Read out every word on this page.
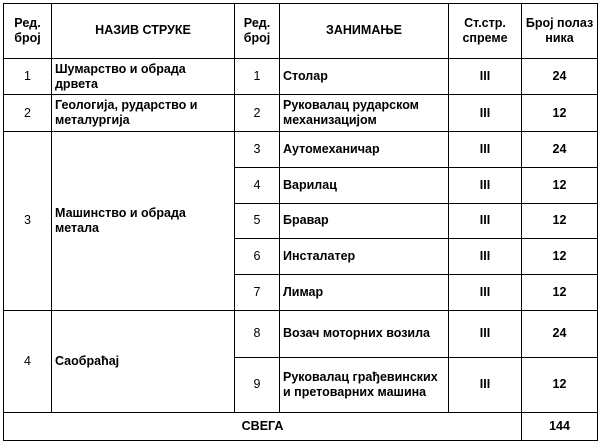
Ред. број	НАЗИВ СТРУКЕ	Ред. број	ЗАНИМАЊЕ	Ст.стр. спреме	Број полазника
1	Шумарство и обрада дрвета	1	Столар	III	24
2	Геологија, рударство и металургија	2	Руковалац рударском механизацијом	III	12
3	Машинство и обрада метала	3	Аутомеханичар	III	24
		4	Варилац	III	12
		5	Бравар	III	12
		6	Инсталатер	III	12
		7	Лимар	III	12
4	Саобраћај	8	Возач моторних возила	III	24
		9	Руковалац грађевинских и претоварних машина	III	12
СВЕГА					144
